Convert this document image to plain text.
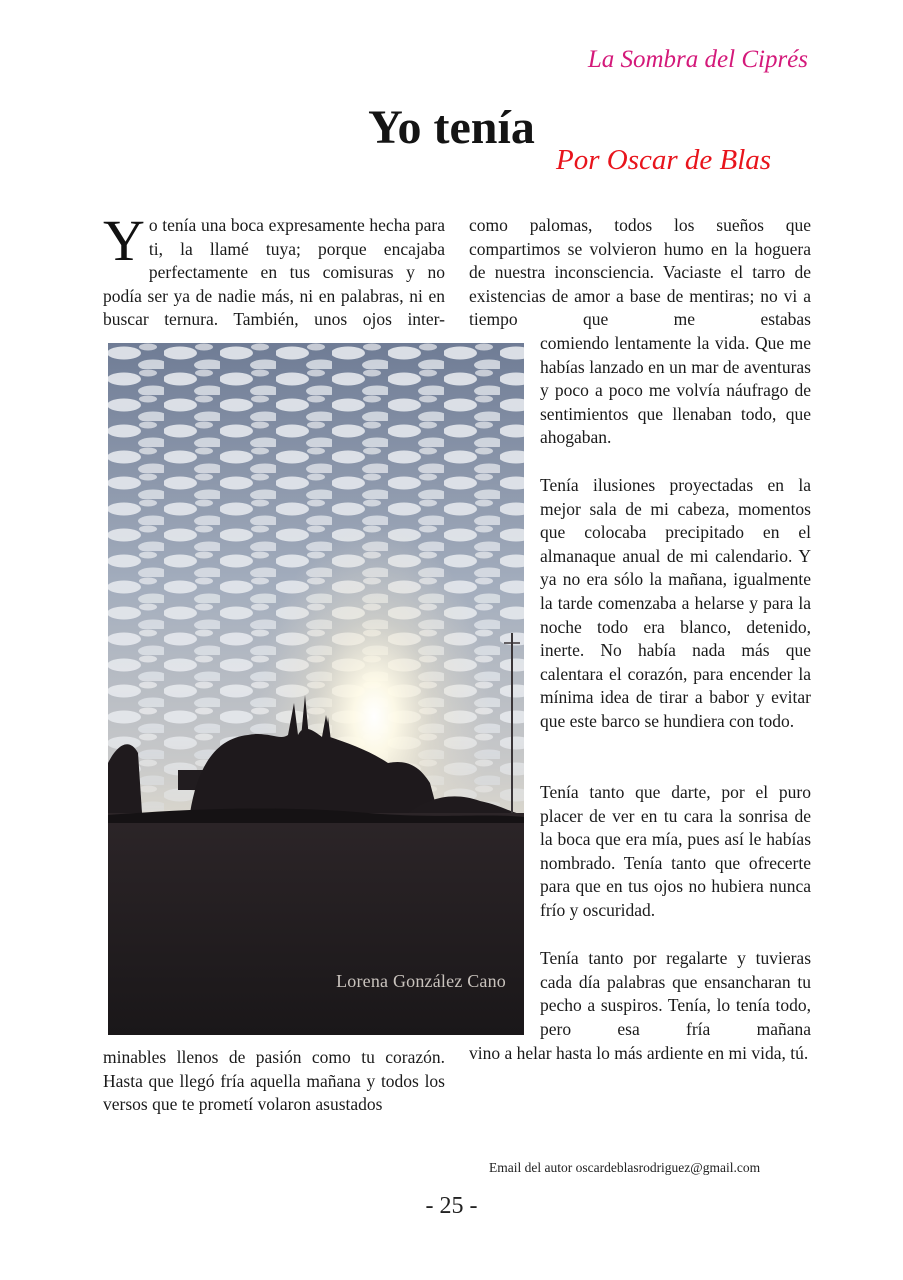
La Sombra del Ciprés
Yo tenía
Por Oscar de Blas

Yo tenía una boca expresamente hecha para ti, la llamé tuya; porque encajaba perfectamente en tus comisuras y no podía ser ya de nadie más, ni en palabras, ni en buscar ternura. También, unos ojos inter-

Lorena González Cano

minables llenos de pasión como tu corazón. Hasta que llegó fría aquella mañana y todos los versos que te prometí volaron asustados

como palomas, todos los sueños que compartimos se volvieron humo en la hoguera de nuestra inconsciencia. Vaciaste el tarro de existencias de amor a base de mentiras; no vi a tiempo que me estabas

comiendo lentamente la vida. Que me habías lanzado en un mar de aventuras y poco a poco me volvía náufrago de sentimientos que llenaban todo, que ahogaban.

Tenía ilusiones proyectadas en la mejor sala de mi cabeza, momentos que colocaba precipitado en el almanaque anual de mi calendario. Y ya no era sólo la mañana, igualmente la tarde comenzaba a helarse y para la noche todo era blanco, detenido, inerte. No había nada más que calentara el corazón, para encender la mínima idea de tirar a babor y evitar que este barco se hundiera con todo.

Tenía tanto que darte, por el puro placer de ver en tu cara la sonrisa de la boca que era mía, pues así le habías nombrado. Tenía tanto que ofrecerte para que en tus ojos no hubiera nunca frío y oscuridad.

Tenía tanto por regalarte y tuvieras cada día palabras que ensancharan tu pecho a suspiros. Tenía, lo tenía todo, pero esa fría mañana

vino a helar hasta lo más ardiente en mi vida, tú.

Email del autor oscardeblasrodriguez@gmail.com
- 25 -
